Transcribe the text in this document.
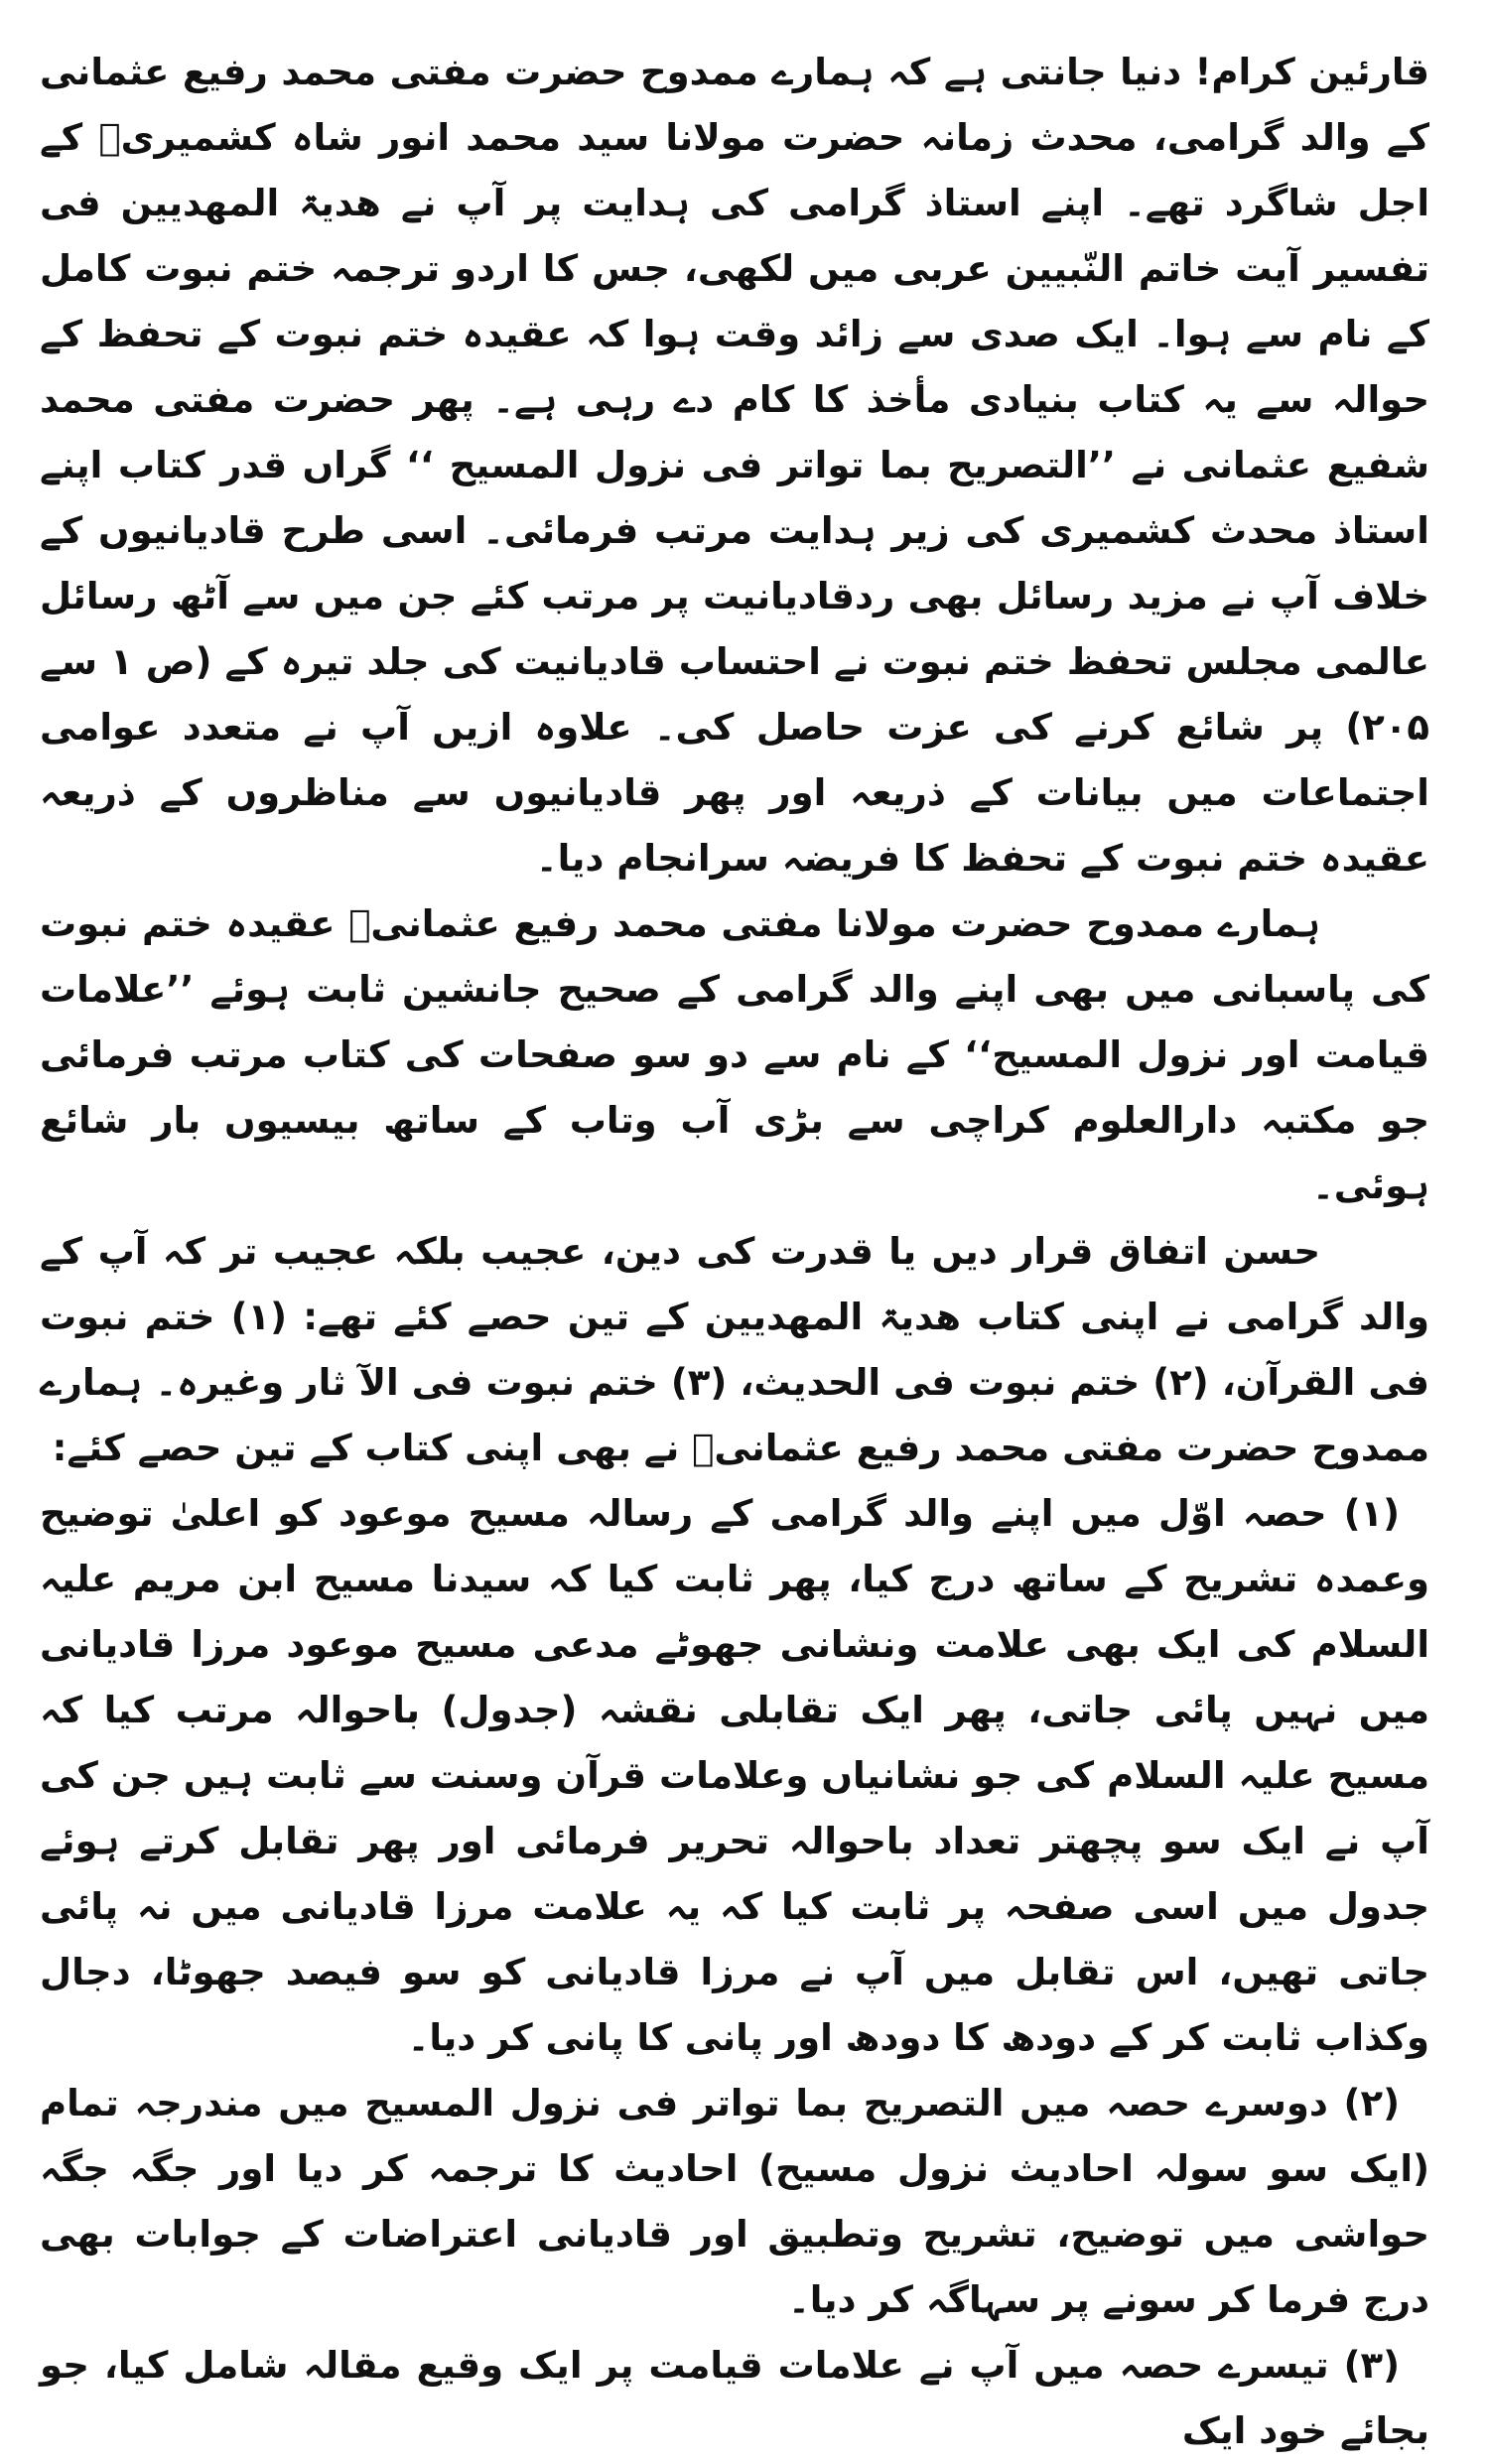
قارئین کرام! دنیا جانتی ہے کہ ہمارے ممدوح حضرت مفتی محمد رفیع عثمانی کے والد گرامی، محدث زمانہ حضرت مولانا سید محمد انور شاہ کشمیریؒ کے اجل شاگرد تھے۔ اپنے استاذ گرامی کی ہدایت پر آپ نے ھدیۃ المھدیین فی تفسیر آیت خاتم النّبیین عربی میں لکھی، جس کا اردو ترجمہ ختم نبوت کامل کے نام سے ہوا۔ ایک صدی سے زائد وقت ہوا کہ عقیدہ ختم نبوت کے تحفظ کے حوالہ سے یہ کتاب بنیادی مأخذ کا کام دے رہی ہے۔ پھر حضرت مفتی محمد شفیع عثمانی نے ’’التصریح بما تواتر فی نزول المسیح ‘‘ گراں قدر کتاب اپنے استاذ محدث کشمیری کی زیر ہدایت مرتب فرمائی۔ اسی طرح قادیانیوں کے خلاف آپ نے مزید رسائل بھی ردقادیانیت پر مرتب کئے جن میں سے آٹھ رسائل عالمی مجلس تحفظ ختم نبوت نے احتساب قادیانیت کی جلد تیرہ کے (ص ۱ سے ۲۰۵) پر شائع کرنے کی عزت حاصل کی۔ علاوہ ازیں آپ نے متعدد عوامی اجتماعات میں بیانات کے ذریعہ اور پھر قادیانیوں سے مناظروں کے ذریعہ عقیدہ ختم نبوت کے تحفظ کا فریضہ سرانجام دیا۔

ہمارے ممدوح حضرت مولانا مفتی محمد رفیع عثمانیؒ عقیدہ ختم نبوت کی پاسبانی میں بھی اپنے والد گرامی کے صحیح جانشین ثابت ہوئے ’’علامات قیامت اور نزول المسیح‘‘ کے نام سے دو سو صفحات کی کتاب مرتب فرمائی جو مکتبہ دارالعلوم کراچی سے بڑی آب وتاب کے ساتھ بیسیوں بار شائع ہوئی۔

حسن اتفاق قرار دیں یا قدرت کی دین، عجیب بلکہ عجیب تر کہ آپ کے والد گرامی نے اپنی کتاب ھدیۃ المھدیین کے تین حصے کئے تھے: (۱) ختم نبوت فی القرآن، (۲) ختم نبوت فی الحدیث، (۳) ختم نبوت فی الآ ثار وغیرہ۔ ہمارے ممدوح حضرت مفتی محمد رفیع عثمانیؒ نے بھی اپنی کتاب کے تین حصے کئے:

(۱) حصہ اوّل میں اپنے والد گرامی کے رسالہ مسیح موعود کو اعلیٰ توضیح وعمدہ تشریح کے ساتھ درج کیا، پھر ثابت کیا کہ سیدنا مسیح ابن مریم علیہ السلام کی ایک بھی علامت ونشانی جھوٹے مدعی مسیح موعود مرزا قادیانی میں نہیں پائی جاتی، پھر ایک تقابلی نقشہ (جدول) باحوالہ مرتب کیا کہ مسیح علیہ السلام کی جو نشانیاں وعلامات قرآن وسنت سے ثابت ہیں جن کی آپ نے ایک سو پچھتر تعداد باحوالہ تحریر فرمائی اور پھر تقابل کرتے ہوئے جدول میں اسی صفحہ پر ثابت کیا کہ یہ علامت مرزا قادیانی میں نہ پائی جاتی تھیں، اس تقابل میں آپ نے مرزا قادیانی کو سو فیصد جھوٹا، دجال وکذاب ثابت کر کے دودھ کا دودھ اور پانی کا پانی کر دیا۔

(۲) دوسرے حصہ میں التصریح بما تواتر فی نزول المسیح میں مندرجہ تمام (ایک سو سولہ احادیث نزول مسیح) احادیث کا ترجمہ کر دیا اور جگہ جگہ حواشی میں توضیح، تشریح وتطبیق اور قادیانی اعتراضات کے جوابات بھی درج فرما کر سونے پر سہاگہ کر دیا۔

(۳) تیسرے حصہ میں آپ نے علامات قیامت پر ایک وقیع مقالہ شامل کیا، جو بجائے خود ایک
